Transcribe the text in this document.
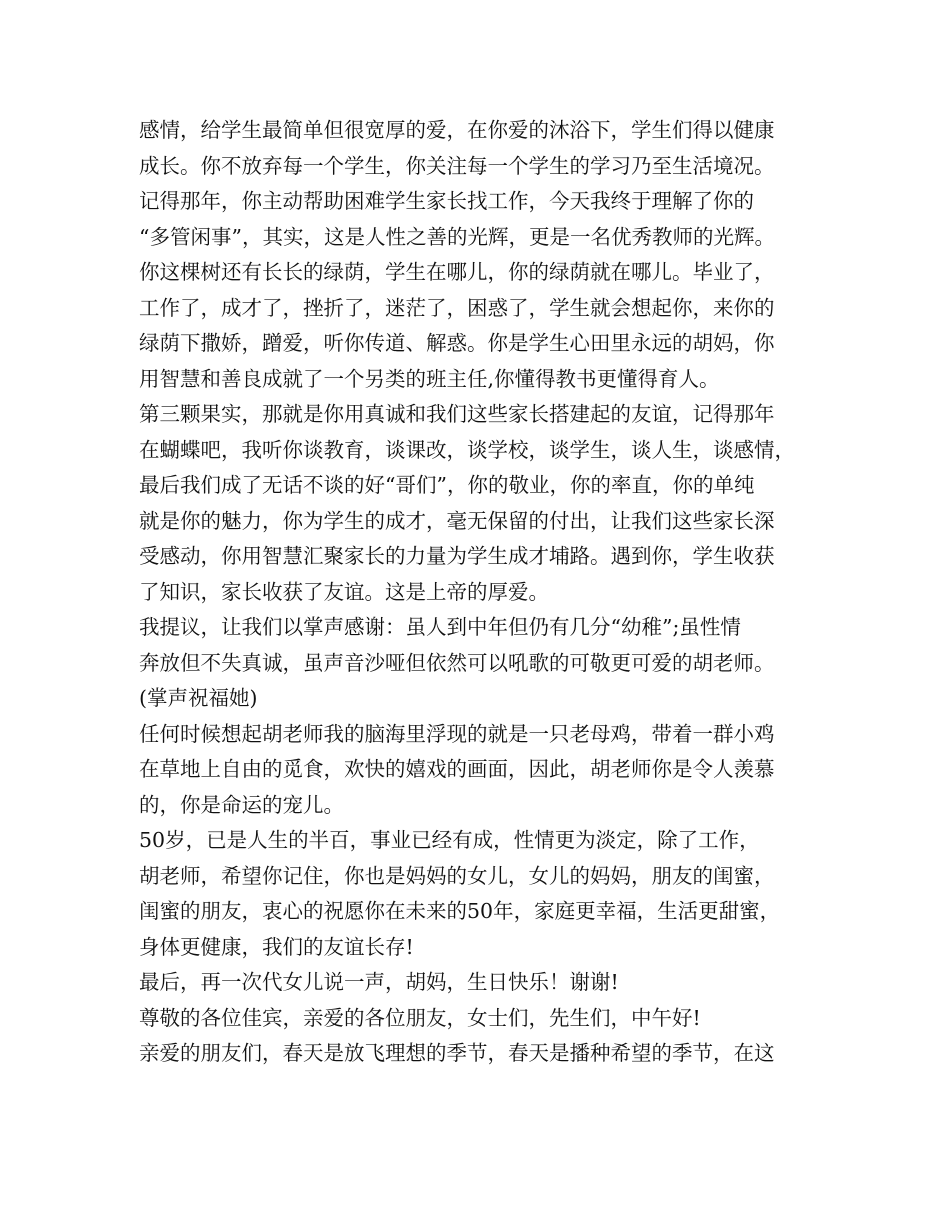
感情，给学生最简单但很宽厚的爱，在你爱的沐浴下，学生们得以健康
成长。你不放弃每一个学生，你关注每一个学生的学习乃至生活境况。
记得那年，你主动帮助困难学生家长找工作，今天我终于理解了你的
“多管闲事”，其实，这是人性之善的光辉，更是一名优秀教师的光辉。
你这棵树还有长长的绿荫，学生在哪儿，你的绿荫就在哪儿。毕业了，
工作了，成才了，挫折了，迷茫了，困惑了，学生就会想起你，来你的
绿荫下撒娇，蹭爱，听你传道、解惑。你是学生心田里永远的胡妈，你
用智慧和善良成就了一个另类的班主任,你懂得教书更懂得育人。
第三颗果实，那就是你用真诚和我们这些家长搭建起的友谊，记得那年
在蝴蝶吧，我听你谈教育，谈课改，谈学校，谈学生，谈人生，谈感情，
最后我们成了无话不谈的好“哥们”，你的敬业，你的率直，你的单纯
就是你的魅力，你为学生的成才，毫无保留的付出，让我们这些家长深
受感动，你用智慧汇聚家长的力量为学生成才埔路。遇到你，学生收获
了知识，家长收获了友谊。这是上帝的厚爱。
我提议，让我们以掌声感谢：虽人到中年但仍有几分“幼稚”;虽性情
奔放但不失真诚，虽声音沙哑但依然可以吼歌的可敬更可爱的胡老师。
(掌声祝福她)
任何时候想起胡老师我的脑海里浮现的就是一只老母鸡，带着一群小鸡
在草地上自由的觅食，欢快的嬉戏的画面，因此，胡老师你是令人羡慕
的，你是命运的宠儿。
50岁，已是人生的半百，事业已经有成，性情更为淡定，除了工作，
胡老师，希望你记住，你也是妈妈的女儿，女儿的妈妈，朋友的闺蜜，
闺蜜的朋友，衷心的祝愿你在未来的50年，家庭更幸福，生活更甜蜜，
身体更健康，我们的友谊长存!
最后，再一次代女儿说一声，胡妈，生日快乐！谢谢!
尊敬的各位佳宾，亲爱的各位朋友，女士们，先生们，中午好!
亲爱的朋友们，春天是放飞理想的季节，春天是播种希望的季节，在这
